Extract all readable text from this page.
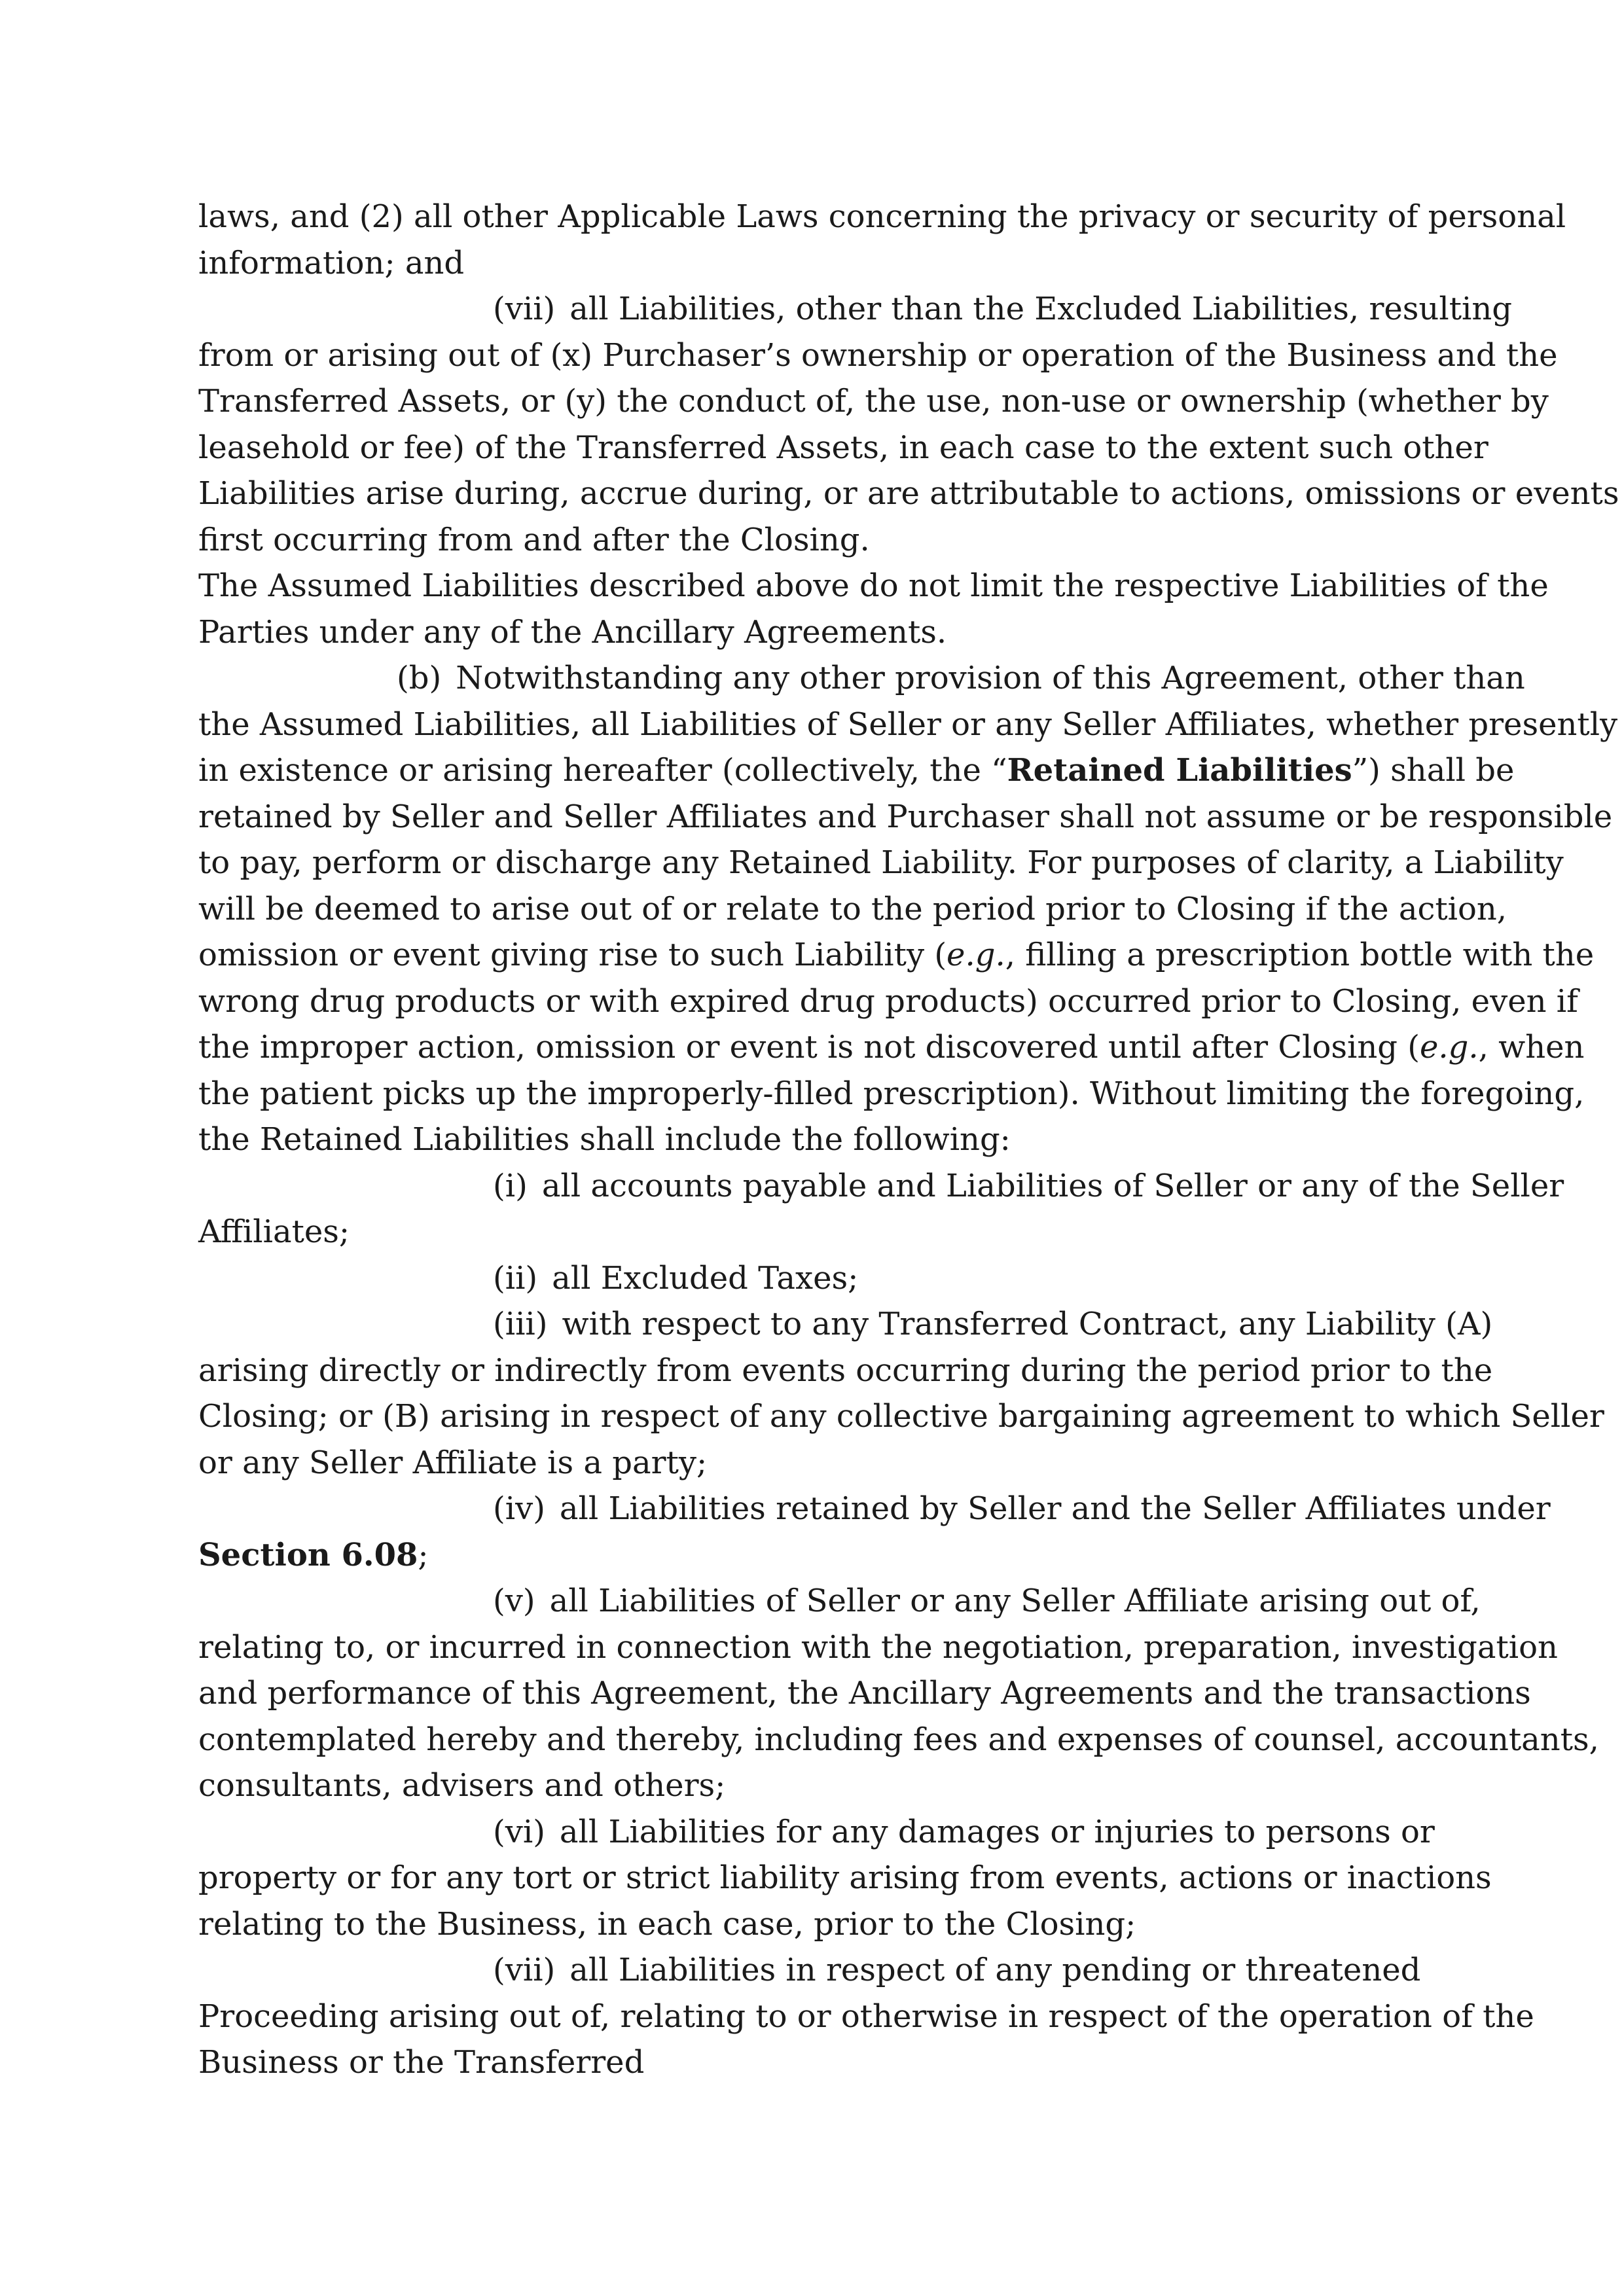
laws, and (2) all other Applicable Laws concerning the privacy or security of personal
information; and
(vii) all Liabilities, other than the Excluded Liabilities, resulting
from or arising out of (x) Purchaser’s ownership or operation of the Business and the
Transferred Assets, or (y) the conduct of, the use, non-use or ownership (whether by
leasehold or fee) of the Transferred Assets, in each case to the extent such other
Liabilities arise during, accrue during, or are attributable to actions, omissions or events
first occurring from and after the Closing.
The Assumed Liabilities described above do not limit the respective Liabilities of the
Parties under any of the Ancillary Agreements.
(b) Notwithstanding any other provision of this Agreement, other than
the Assumed Liabilities, all Liabilities of Seller or any Seller Affiliates, whether presently
in existence or arising hereafter (collectively, the “Retained Liabilities”) shall be
retained by Seller and Seller Affiliates and Purchaser shall not assume or be responsible
to pay, perform or discharge any Retained Liability. For purposes of clarity, a Liability
will be deemed to arise out of or relate to the period prior to Closing if the action,
omission or event giving rise to such Liability (e.g., filling a prescription bottle with the
wrong drug products or with expired drug products) occurred prior to Closing, even if
the improper action, omission or event is not discovered until after Closing (e.g., when
the patient picks up the improperly-filled prescription). Without limiting the foregoing,
the Retained Liabilities shall include the following:
(i) all accounts payable and Liabilities of Seller or any of the Seller
Affiliates;
(ii) all Excluded Taxes;
(iii) with respect to any Transferred Contract, any Liability (A)
arising directly or indirectly from events occurring during the period prior to the
Closing; or (B) arising in respect of any collective bargaining agreement to which Seller
or any Seller Affiliate is a party;
(iv) all Liabilities retained by Seller and the Seller Affiliates under
Section 6.08;
(v) all Liabilities of Seller or any Seller Affiliate arising out of,
relating to, or incurred in connection with the negotiation, preparation, investigation
and performance of this Agreement, the Ancillary Agreements and the transactions
contemplated hereby and thereby, including fees and expenses of counsel, accountants,
consultants, advisers and others;
(vi) all Liabilities for any damages or injuries to persons or
property or for any tort or strict liability arising from events, actions or inactions
relating to the Business, in each case, prior to the Closing;
(vii) all Liabilities in respect of any pending or threatened
Proceeding arising out of, relating to or otherwise in respect of the operation of the
Business or the Transferred
